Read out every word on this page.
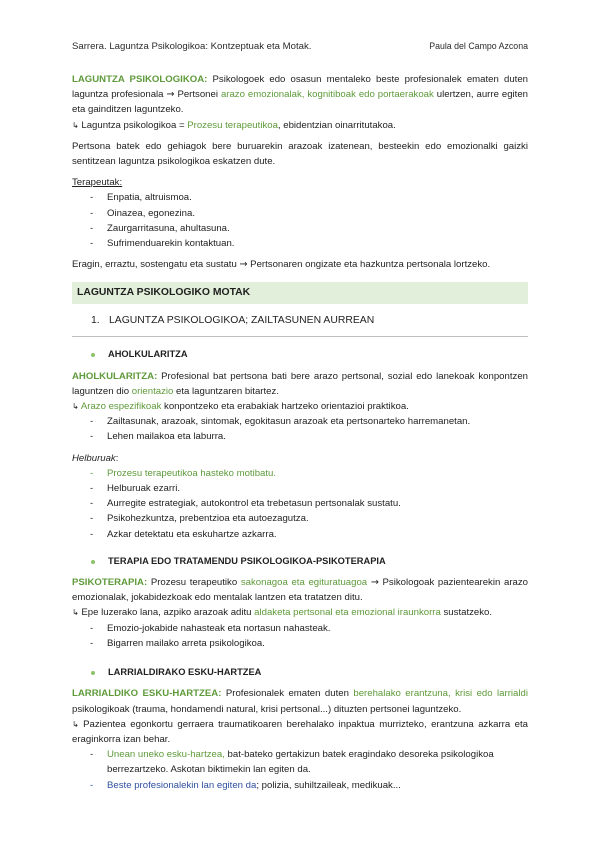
Sarrera. Laguntza Psikologikoa: Kontzeptuak eta Motak.	Paula del Campo Azcona

LAGUNTZA PSIKOLOGIKOA: Psikologoek edo osasun mentaleko beste profesionalek ematen duten laguntza profesionala → Pertsonei arazo emozionalak, kognitiboak edo portaerakoak ulertzen, aurre egiten eta gainditzen laguntzeko.

↳ Laguntza psikologikoa = Prozesu terapeutikoa, ebidentzian oinarritutakoa.

Pertsona batek edo gehiagok bere buruarekin arazoak izatenean, besteekin edo emozionalki gaizki sentitzean laguntza psikologikoa eskatzen dute.

Terapeutak:

- Enpatia, altruismoa.
- Oinazea, egonezina.
- Zaurgarritasuna, ahultasuna.
- Sufrimenduarekin kontaktuan.

Eragin, erraztu, sostengatu eta sustatu → Pertsonaren ongizate eta hazkuntza pertsonala lortzeko.

LAGUNTZA PSIKOLOGIKO MOTAK
1. LAGUNTZA PSIKOLOGIKOA; ZAILTASUNEN AURREAN
AHOLKULARITZA

AHOLKULARITZA: Profesional bat pertsona bati bere arazo pertsonal, sozial edo lanekoak konpontzen laguntzen dio orientazio eta laguntzaren bitartez.

↳ Arazo espezifikoak konpontzeko eta erabakiak hartzeko orientazioi praktikoa.

- Zailtasunak, arazoak, sintomak, egokitasun arazoak eta pertsonarteko harremanetan.
- Lehen mailakoa eta laburra.

Helburuak:

- Prozesu terapeutikoa hasteko motibatu.
- Helburuak ezarri.
- Aurregite estrategiak, autokontrol eta trebetasun pertsonalak sustatu.
- Psikohezkuntza, prebentzioa eta autoezagutza.
- Azkar detektatu eta eskuhartze azkarra.
TERAPIA EDO TRATAMENDU PSIKOLOGIKOA-PSIKOTERAPIA

PSIKOTERAPIA: Prozesu terapeutiko sakonagoa eta egituratuagoa → Psikologoak pazientearekin arazo emozionalak, jokabidezkoak edo mentalak lantzen eta tratatzen ditu.

↳ Epe luzerako lana, azpiko arazoak aditu aldaketa pertsonal eta emozional iraunkorra sustatzeko.

- Emozio-jokabide nahasteak eta nortasun nahasteak.
- Bigarren mailako arreta psikologikoa.
LARRIALDIRAKO ESKU-HARTZEA

LARRIALDIKO ESKU-HARTZEA: Profesionalek ematen duten berehalako erantzuna, krisi edo larrialdi psikologikoak (trauma, hondamendi natural, krisi pertsonal...) dituzten pertsonei laguntzeko.

↳ Pazientea egonkortu gerraera traumatikoaren berehalako inpaktua murrizteko, erantzuna azkarra eta eraginkorra izan behar.

- Unean uneko esku-hartzea, bat-bateko gertakizun batek eragindako desoreka psikologikoa berrezartzeko. Askotan biktimekin lan egiten da.
- Beste profesionalekin lan egiten da; polizia, suhiltzaileak, medikuak...
